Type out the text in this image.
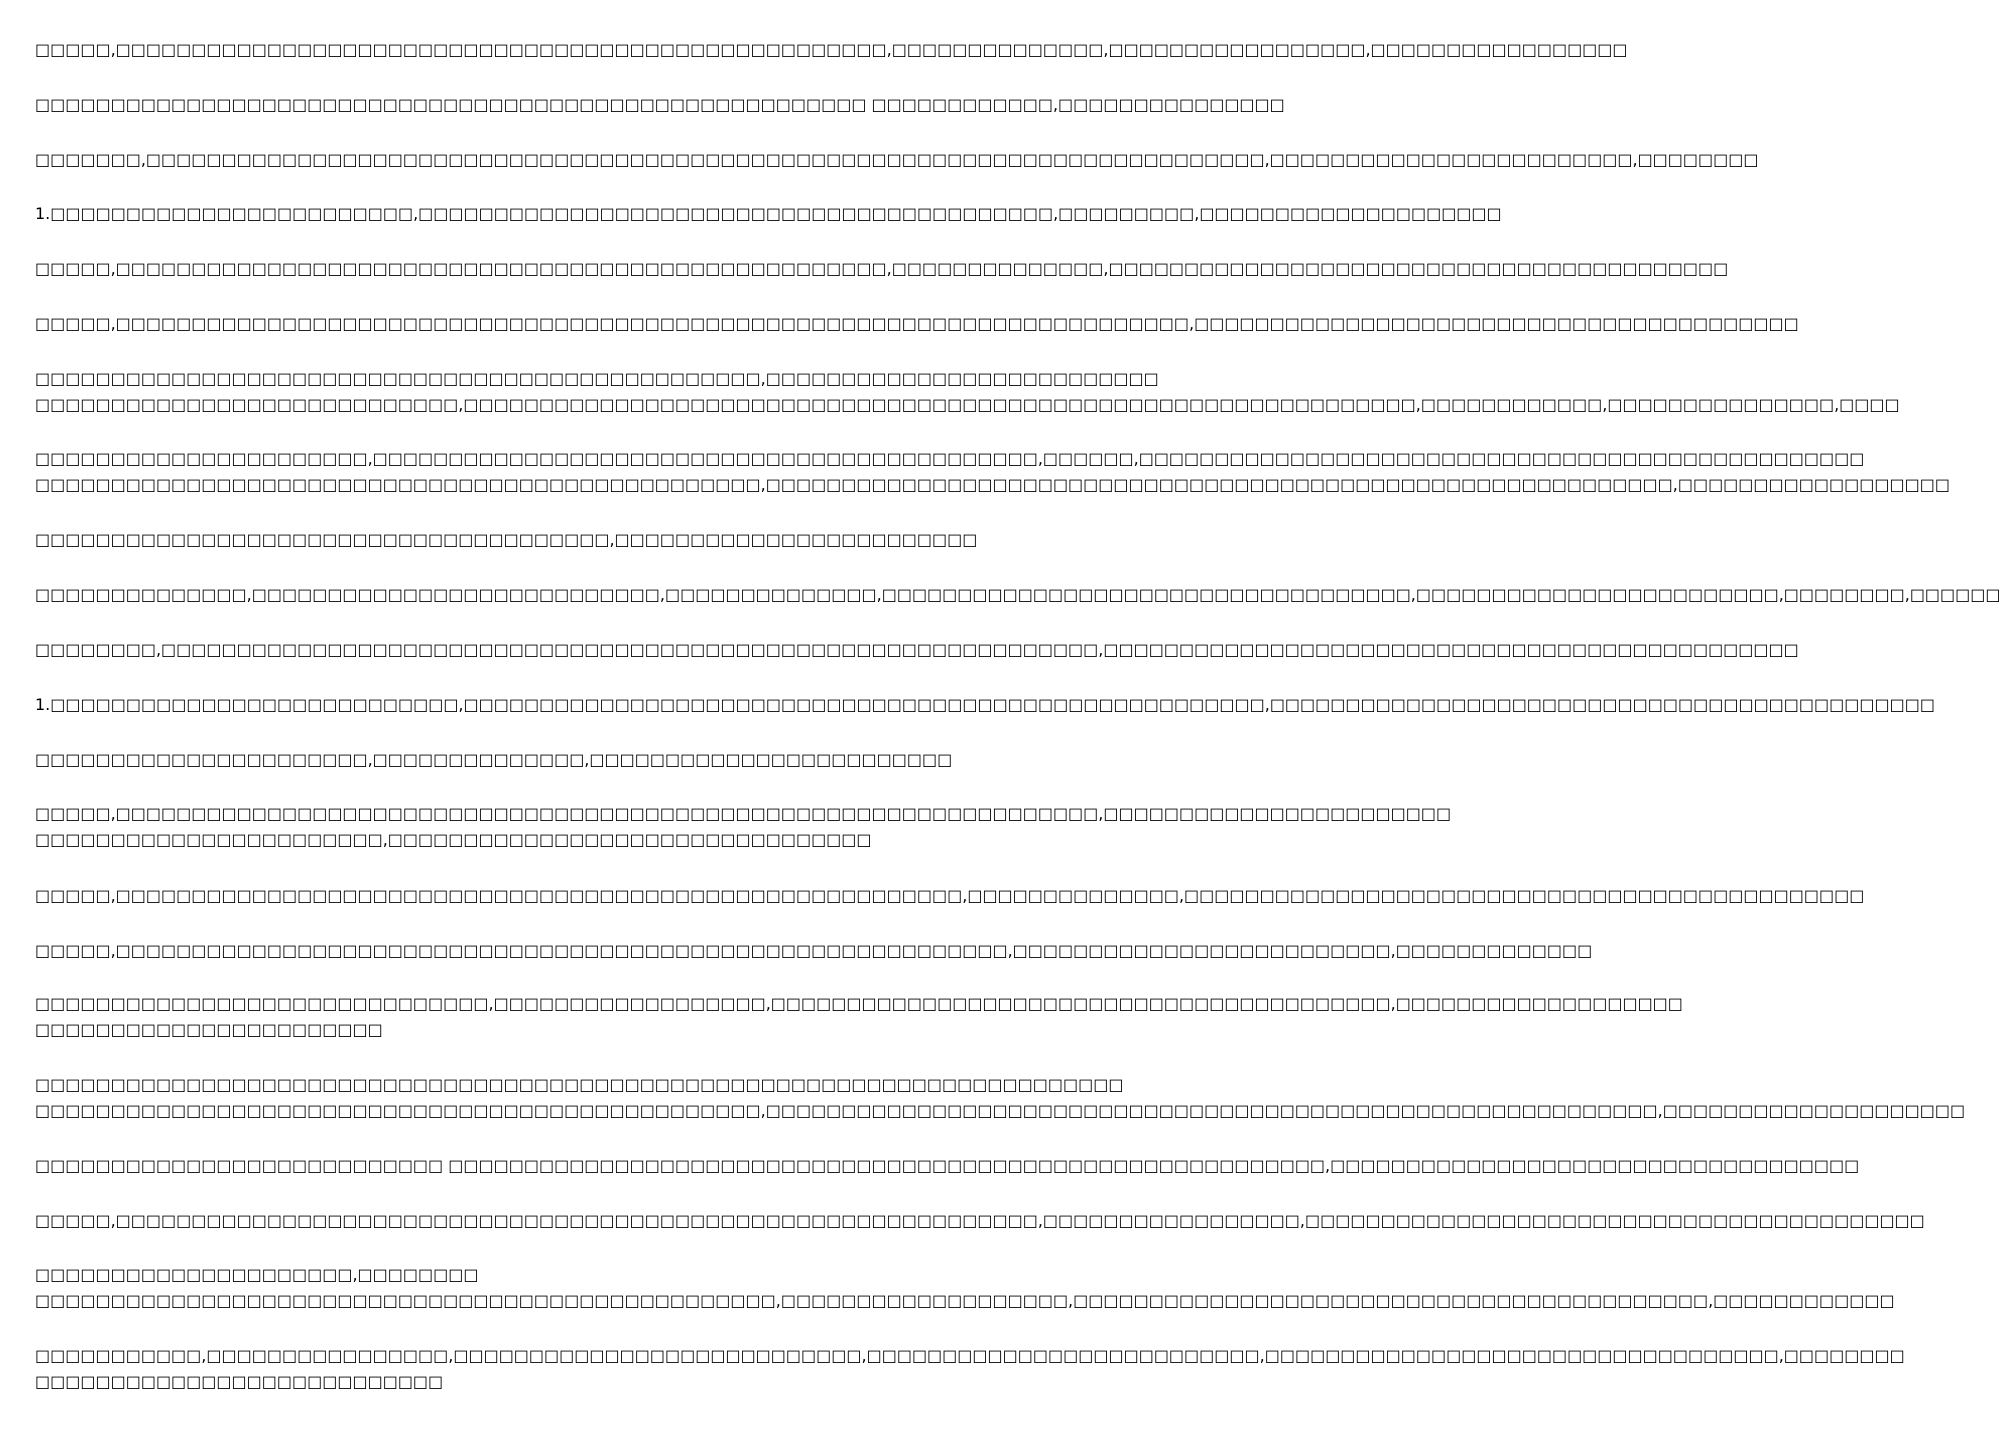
□□□□□,□□□□□□□□□□□□□□□□□□□□□□□□□□□□□□□□□□□□□□□□□□□□□□□□□□□,□□□□□□□□□□□□□□,□□□□□□□□□□□□□□□□□,□□□□□□□□□□□□□□□□□
□□□□□□□□□□□□□□□□□□□□□□□□□□□□□□□□□□□□□□□□□□□□□□□□□□□□□□□ □□□□□□□□□□□□,□□□□□□□□□□□□□□□
□□□□□□□,□□□□□□□□□□□□□□□□□□□□□□□□□□□□□□□□□□□□□□□□□□□□□□□□□□□□□□□□□□□□□□□□□□□□□□□□□□,□□□□□□□□□□□□□□□□□□□□□□□□,□□□□□□□□
1.□□□□□□□□□□□□□□□□□□□□□□□□,□□□□□□□□□□□□□□□□□□□□□□□□□□□□□□□□□□□□□□□□□□,□□□□□□□□□,□□□□□□□□□□□□□□□□□□□□
□□□□□,□□□□□□□□□□□□□□□□□□□□□□□□□□□□□□□□□□□□□□□□□□□□□□□□□□□,□□□□□□□□□□□□□□,□□□□□□□□□□□□□□□□□□□□□□□□□□□□□□□□□□□□□□□□□
□□□□□,□□□□□□□□□□□□□□□□□□□□□□□□□□□□□□□□□□□□□□□□□□□□□□□□□□□□□□□□□□□□□□□□□□□□□□□,□□□□□□□□□□□□□□□□□□□□□□□□□□□□□□□□□□□□□□□□
□□□□□□□□□□□□□□□□□□□□□□□□□□□□□□□□□□□□□□□□□□□□□□□□,□□□□□□□□□□□□□□□□□□□□□□□□□□
□□□□□□□□□□□□□□□□□□□□□□□□□□□□,□□□□□□□□□□□□□□□□□□□□□□□□□□□□□□□□□□□□□□□□□□□□□□□□□□□□□□□□□□□□□□□,□□□□□□□□□□□□,□□□□□□□□□□□□□□□,□□□□
□□□□□□□□□□□□□□□□□□□□□□,□□□□□□□□□□□□□□□□□□□□□□□□□□□□□□□□□□□□□□□□□□□□,□□□□□□,□□□□□□□□□□□□□□□□□□□□□□□□□□□□□□□□□□□□□□□□□□□□□□□□
□□□□□□□□□□□□□□□□□□□□□□□□□□□□□□□□□□□□□□□□□□□□□□□□,□□□□□□□□□□□□□□□□□□□□□□□□□□□□□□□□□□□□□□□□□□□□□□□□□□□□□□□□□□□□,□□□□□□□□□□□□□□□□□□
□□□□□□□□□□□□□□□□□□□□□□□□□□□□□□□□□□□□□□,□□□□□□□□□□□□□□□□□□□□□□□□
□□□□□□□□□□□□□□,□□□□□□□□□□□□□□□□□□□□□□□□□□□,□□□□□□□□□□□□□□,□□□□□□□□□□□□□□□□□□□□□□□□□□□□□□□□□□□,□□□□□□□□□□□□□□□□□□□□□□□□,□□□□□□□□,□□□□□□
□□□□□□□□,□□□□□□□□□□□□□□□□□□□□□□□□□□□□□□□□□□□□□□□□□□□□□□□□□□□□□□□□□□□□□□,□□□□□□□□□□□□□□□□□□□□□□□□□□□□□□□□□□□□□□□□□□□□□□
1.□□□□□□□□□□□□□□□□□□□□□□□□□□□,□□□□□□□□□□□□□□□□□□□□□□□□□□□□□□□□□□□□□□□□□□□□□□□□□□□□□,□□□□□□□□□□□□□□□□□□□□□□□□□□□□□□□□□□□□□□□□□□□□
□□□□□□□□□□□□□□□□□□□□□□,□□□□□□□□□□□□□□,□□□□□□□□□□□□□□□□□□□□□□□□
□□□□□,□□□□□□□□□□□□□□□□□□□□□□□□□□□□□□□□□□□□□□□□□□□□□□□□□□□□□□□□□□□□□□□□□,□□□□□□□□□□□□□□□□□□□□□□□
□□□□□□□□□□□□□□□□□□□□□□□,□□□□□□□□□□□□□□□□□□□□□□□□□□□□□□□□
□□□□□,□□□□□□□□□□□□□□□□□□□□□□□□□□□□□□□□□□□□□□□□□□□□□□□□□□□□□□□□,□□□□□□□□□□□□□□,□□□□□□□□□□□□□□□□□□□□□□□□□□□□□□□□□□□□□□□□□□□□□
□□□□□,□□□□□□□□□□□□□□□□□□□□□□□□□□□□□□□□□□□□□□□□□□□□□□□□□□□□□□□□□□□,□□□□□□□□□□□□□□□□□□□□□□□□□,□□□□□□□□□□□□□
□□□□□□□□□□□□□□□□□□□□□□□□□□□□□□,□□□□□□□□□□□□□□□□□□,□□□□□□□□□□□□□□□□□□□□□□□□□□□□□□□□□□□□□□□□□,□□□□□□□□□□□□□□□□□□□
□□□□□□□□□□□□□□□□□□□□□□□
□□□□□□□□□□□□□□□□□□□□□□□□□□□□□□□□□□□□□□□□□□□□□□□□□□□□□□□□□□□□□□□□□□□□□□□□
□□□□□□□□□□□□□□□□□□□□□□□□□□□□□□□□□□□□□□□□□□□□□□□□,□□□□□□□□□□□□□□□□□□□□□□□□□□□□□□□□□□□□□□□□□□□□□□□□□□□□□□□□□□□,□□□□□□□□□□□□□□□□□□□□
□□□□□□□□□□□□□□□□□□□□□□□□□□□ □□□□□□□□□□□□□□□□□□□□□□□□□□□□□□□□□□□□□□□□□□□□□□□□□□□□□□□□□□,□□□□□□□□□□□□□□□□□□□□□□□□□□□□□□□□□□□
□□□□□,□□□□□□□□□□□□□□□□□□□□□□□□□□□□□□□□□□□□□□□□□□□□□□□□□□□□□□□□□□□□□,□□□□□□□□□□□□□□□□□,□□□□□□□□□□□□□□□□□□□□□□□□□□□□□□□□□□□□□□□□□
□□□□□□□□□□□□□□□□□□□□□,□□□□□□□□
□□□□□□□□□□□□□□□□□□□□□□□□□□□□□□□□□□□□□□□□□□□□□□□□□,□□□□□□□□□□□□□□□□□□□,□□□□□□□□□□□□□□□□□□□□□□□□□□□□□□□□□□□□□□□□□□,□□□□□□□□□□□□
□□□□□□□□□□□,□□□□□□□□□□□□□□□□,□□□□□□□□□□□□□□□□□□□□□□□□□□□,□□□□□□□□□□□□□□□□□□□□□□□□□□,□□□□□□□□□□□□□□□□□□□□□□□□□□□□□□□□□□,□□□□□□□□
□□□□□□□□□□□□□□□□□□□□□□□□□□□
